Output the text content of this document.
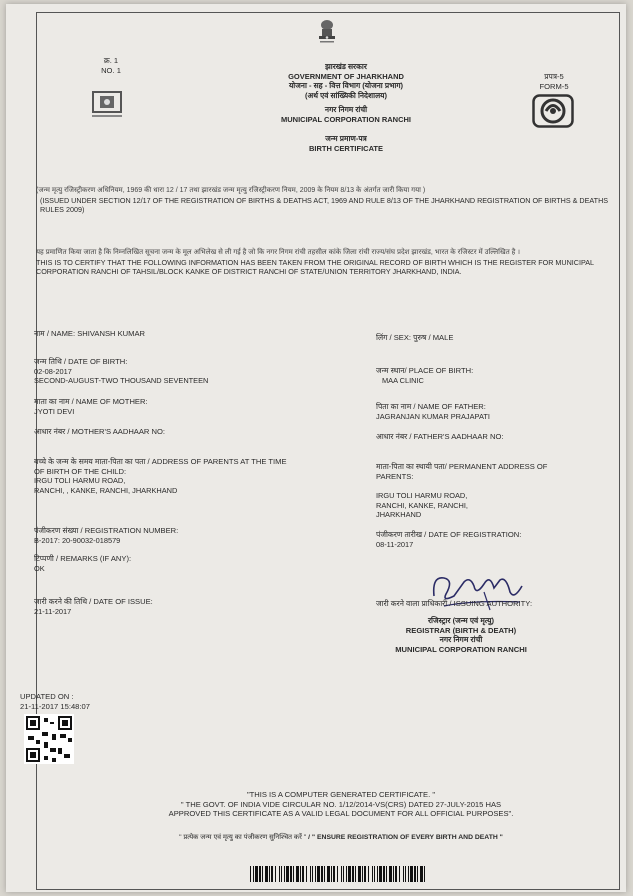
क्र. 1
NO. 1
प्रपत्र-5
FORM-5
झारखंड सरकार
GOVERNMENT OF JHARKHAND
योजना - सह - वित्त विभाग (योजना प्रभाग)
(अर्थ एवं सांख्यिकी निदेशालय)
नगर निगम रांची
MUNICIPAL CORPORATION RANCHI
जन्म प्रमाण-पत्र
BIRTH CERTIFICATE
(जन्म मृत्यु रजिस्ट्रीकरण अधिनियम, 1969 की धारा 12 / 17 तथा झारखंड जन्म मृत्यु रजिस्ट्रीकरण नियम, 2009 के नियम 8/13 के अंतर्गत जारी किया गया )
(ISSUED UNDER SECTION 12/17 OF THE REGISTRATION OF BIRTHS & DEATHS ACT, 1969 AND RULE 8/13 OF THE JHARKHAND REGISTRATION OF BIRTHS & DEATHS RULES 2009)
यह प्रमाणित किया जाता है कि निम्नलिखित सूचना जन्म के मूल अभिलेख से ली गई है जो कि नगर निगम रांची तहसील कांके जिला रांची राज्य/संघ प्रदेश झारखंड, भारत के रजिस्टर में उल्लिखित है ।
THIS IS TO CERTIFY THAT THE FOLLOWING INFORMATION HAS BEEN TAKEN FROM THE ORIGINAL RECORD OF BIRTH WHICH IS THE REGISTER FOR MUNICIPAL CORPORATION RANCHI OF TAHSIL/BLOCK KANKE OF DISTRICT RANCHI OF STATE/UNION TERRITORY JHARKHAND, INDIA.
नाम / NAME: SHIVANSH KUMAR
जन्म तिथि / DATE OF BIRTH:
02-08-2017
SECOND-AUGUST-TWO THOUSAND SEVENTEEN
माता का नाम / NAME OF MOTHER:
JYOTI DEVI
आधार नंबर / MOTHER'S AADHAAR NO:
बच्चे के जन्म के समय माता-पिता का पता / ADDRESS OF PARENTS AT THE TIME
OF BIRTH OF THE CHILD:
IRGU TOLI HARMU ROAD,
RANCHI, , KANKE, RANCHI, JHARKHAND
पंजीकरण संख्या / REGISTRATION NUMBER:
B-2017: 20-90032-018579
टिप्पणी / REMARKS (IF ANY):
OK
जारी करने की तिथि / DATE OF ISSUE:
21-11-2017
लिंग / SEX: पुरुष / MALE
जन्म स्थान/ PLACE OF BIRTH:
MAA CLINIC
पिता का नाम / NAME OF FATHER:
JAGRANJAN KUMAR PRAJAPATI
आधार नंबर / FATHER'S AADHAAR NO:
माता-पिता का स्थायी पता/ PERMANENT ADDRESS OF
PARENTS:
IRGU TOLI HARMU ROAD,
RANCHI, KANKE, RANCHI,
JHARKHAND
पंजीकरण तारीख / DATE OF REGISTRATION:
08-11-2017
जारी करने वाला प्राधिकारी / ISSUING AUTHORITY:
रजिस्ट्रार (जन्म एवं मृत्यु)
REGISTRAR (BIRTH & DEATH)
नगर निगम रांची
MUNICIPAL CORPORATION RANCHI
UPDATED ON :
21-11-2017 15:48:07
"THIS IS A COMPUTER GENERATED CERTIFICATE. "
" THE GOVT. OF INDIA VIDE CIRCULAR NO. 1/12/2014-VS(CRS) DATED 27-JULY-2015 HAS
APPROVED THIS CERTIFICATE AS A VALID LEGAL DOCUMENT FOR ALL OFFICIAL PURPOSES".
" प्रत्येक जन्म एवं मृत्यु का पंजीकरण सुनिश्चित करें " / " ENSURE REGISTRATION OF EVERY BIRTH AND DEATH "
